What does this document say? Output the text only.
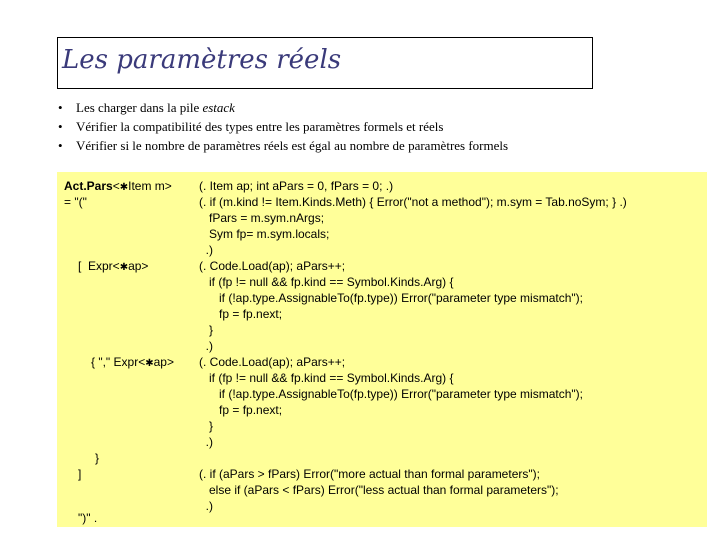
Les paramètres réels
• Les charger dans la pile estack
• Vérifier la compatibilité des types entre les paramètres formels et réels
• Vérifier si le nombre de paramètres réels est égal au nombre de paramètres formels
Act.Pars<✱Item m>
= "("
[  Expr<✱ap>
{ "," Expr<✱ap>
}
]
")" .
(. Item ap; int aPars = 0, fPars = 0; .)
(. if (m.kind != Item.Kinds.Meth) { Error("not a method"); m.sym = Tab.noSym; } .)
fPars = m.sym.nArgs;
Sym fp= m.sym.locals;
.)
(. Code.Load(ap); aPars++;
if (fp != null && fp.kind == Symbol.Kinds.Arg) {
if (!ap.type.AssignableTo(fp.type)) Error("parameter type mismatch");
fp = fp.next;
}
.)
(. Code.Load(ap); aPars++;
if (fp != null && fp.kind == Symbol.Kinds.Arg) {
if (!ap.type.AssignableTo(fp.type)) Error("parameter type mismatch");
fp = fp.next;
}
.)
(. if (aPars > fPars) Error("more actual than formal parameters");
else if (aPars < fPars) Error("less actual than formal parameters");
.)
